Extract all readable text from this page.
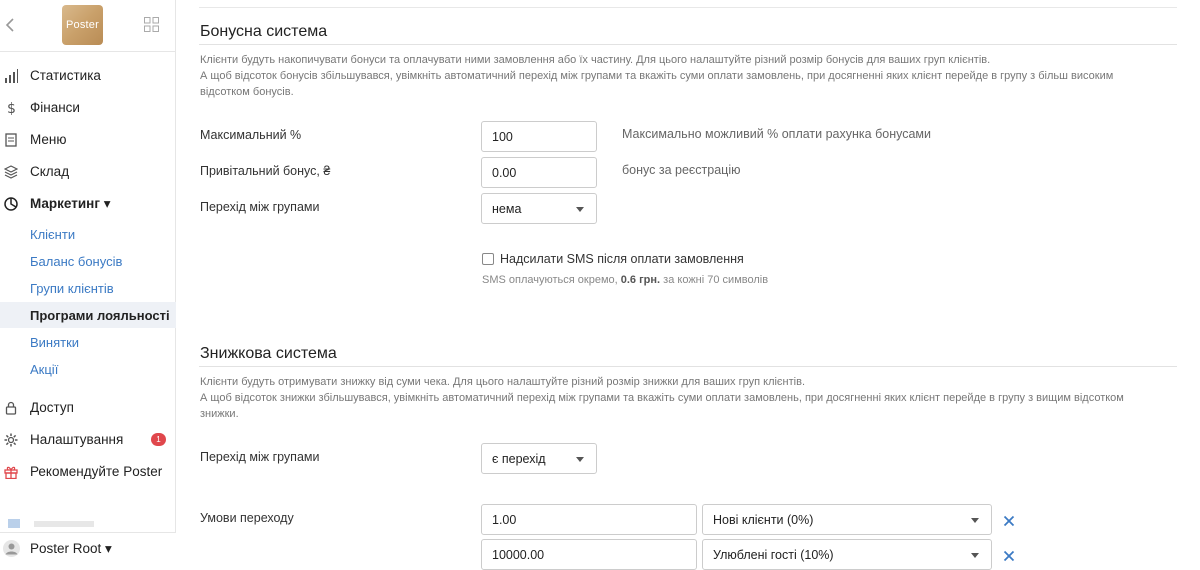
Poster
Статистика
$ Фінанси
Меню
Склад
Маркетинг ▾
Клієнти
Баланс бонусів
Групи клієнтів
Програми лояльності
Винятки
Акції
Доступ
Налаштування	1
Рекомендуйте Poster
Poster Root ▾
Бонусна система
Клієнти будуть накопичувати бонуси та оплачувати ними замовлення або їх частину. Для цього налаштуйте різний розмір бонусів для ваших груп клієнтів.
А щоб відсоток бонусів збільшувався, увімкніть автоматичний перехід між групами та вкажіть суми оплати замовлень, при досягненні яких клієнт перейде в групу з більш високим
відсотком бонусів.
Максимальний %	100	Максимально можливий % оплати рахунка бонусами
Привітальний бонус, ₴	0.00	бонус за реєстрацію
Перехід між групами	нема
Надсилати SMS після оплати замовлення
SMS оплачуються окремо, 0.6 грн. за кожні 70 символів
Знижкова система
Клієнти будуть отримувати знижку від суми чека. Для цього налаштуйте різний розмір знижки для ваших груп клієнтів.
А щоб відсоток знижки збільшувався, увімкніть автоматичний перехід між групами та вкажіть суми оплати замовлень, при досягненні яких клієнт перейде в групу з вищим відсотком
знижки.
Перехід між групами	є перехід
Умови переходу	1.00	Нові клієнти (0%)
10000.00	Улюблені гості (10%)
